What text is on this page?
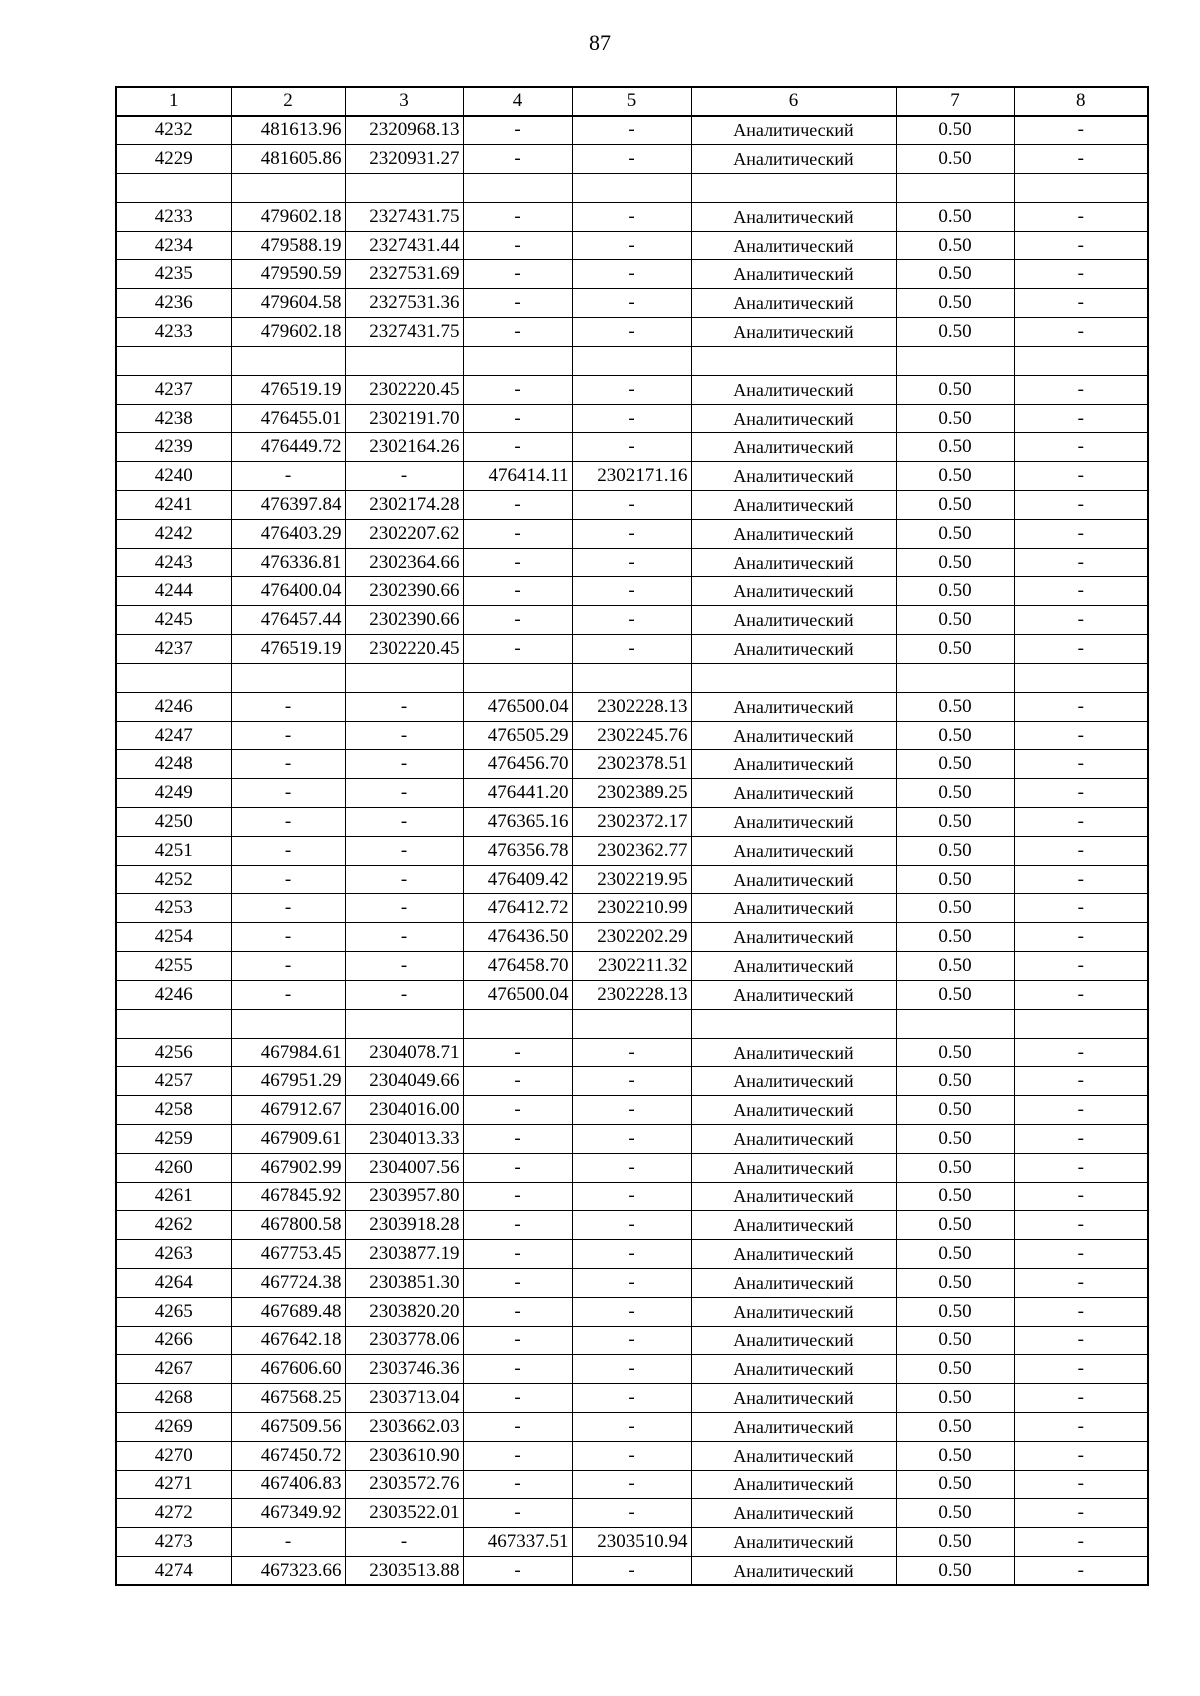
87
1	2	3	4	5	6	7	8
4232	481613.96	2320968.13	-	-	Аналитический	0.50	-
4229	481605.86	2320931.27	-	-	Аналитический	0.50	-

4233	479602.18	2327431.75	-	-	Аналитический	0.50	-
4234	479588.19	2327431.44	-	-	Аналитический	0.50	-
4235	479590.59	2327531.69	-	-	Аналитический	0.50	-
4236	479604.58	2327531.36	-	-	Аналитический	0.50	-
4233	479602.18	2327431.75	-	-	Аналитический	0.50	-

4237	476519.19	2302220.45	-	-	Аналитический	0.50	-
4238	476455.01	2302191.70	-	-	Аналитический	0.50	-
4239	476449.72	2302164.26	-	-	Аналитический	0.50	-
4240	-	-	476414.11	2302171.16	Аналитический	0.50	-
4241	476397.84	2302174.28	-	-	Аналитический	0.50	-
4242	476403.29	2302207.62	-	-	Аналитический	0.50	-
4243	476336.81	2302364.66	-	-	Аналитический	0.50	-
4244	476400.04	2302390.66	-	-	Аналитический	0.50	-
4245	476457.44	2302390.66	-	-	Аналитический	0.50	-
4237	476519.19	2302220.45	-	-	Аналитический	0.50	-

4246	-	-	476500.04	2302228.13	Аналитический	0.50	-
4247	-	-	476505.29	2302245.76	Аналитический	0.50	-
4248	-	-	476456.70	2302378.51	Аналитический	0.50	-
4249	-	-	476441.20	2302389.25	Аналитический	0.50	-
4250	-	-	476365.16	2302372.17	Аналитический	0.50	-
4251	-	-	476356.78	2302362.77	Аналитический	0.50	-
4252	-	-	476409.42	2302219.95	Аналитический	0.50	-
4253	-	-	476412.72	2302210.99	Аналитический	0.50	-
4254	-	-	476436.50	2302202.29	Аналитический	0.50	-
4255	-	-	476458.70	2302211.32	Аналитический	0.50	-
4246	-	-	476500.04	2302228.13	Аналитический	0.50	-

4256	467984.61	2304078.71	-	-	Аналитический	0.50	-
4257	467951.29	2304049.66	-	-	Аналитический	0.50	-
4258	467912.67	2304016.00	-	-	Аналитический	0.50	-
4259	467909.61	2304013.33	-	-	Аналитический	0.50	-
4260	467902.99	2304007.56	-	-	Аналитический	0.50	-
4261	467845.92	2303957.80	-	-	Аналитический	0.50	-
4262	467800.58	2303918.28	-	-	Аналитический	0.50	-
4263	467753.45	2303877.19	-	-	Аналитический	0.50	-
4264	467724.38	2303851.30	-	-	Аналитический	0.50	-
4265	467689.48	2303820.20	-	-	Аналитический	0.50	-
4266	467642.18	2303778.06	-	-	Аналитический	0.50	-
4267	467606.60	2303746.36	-	-	Аналитический	0.50	-
4268	467568.25	2303713.04	-	-	Аналитический	0.50	-
4269	467509.56	2303662.03	-	-	Аналитический	0.50	-
4270	467450.72	2303610.90	-	-	Аналитический	0.50	-
4271	467406.83	2303572.76	-	-	Аналитический	0.50	-
4272	467349.92	2303522.01	-	-	Аналитический	0.50	-
4273	-	-	467337.51	2303510.94	Аналитический	0.50	-
4274	467323.66	2303513.88	-	-	Аналитический	0.50	-
